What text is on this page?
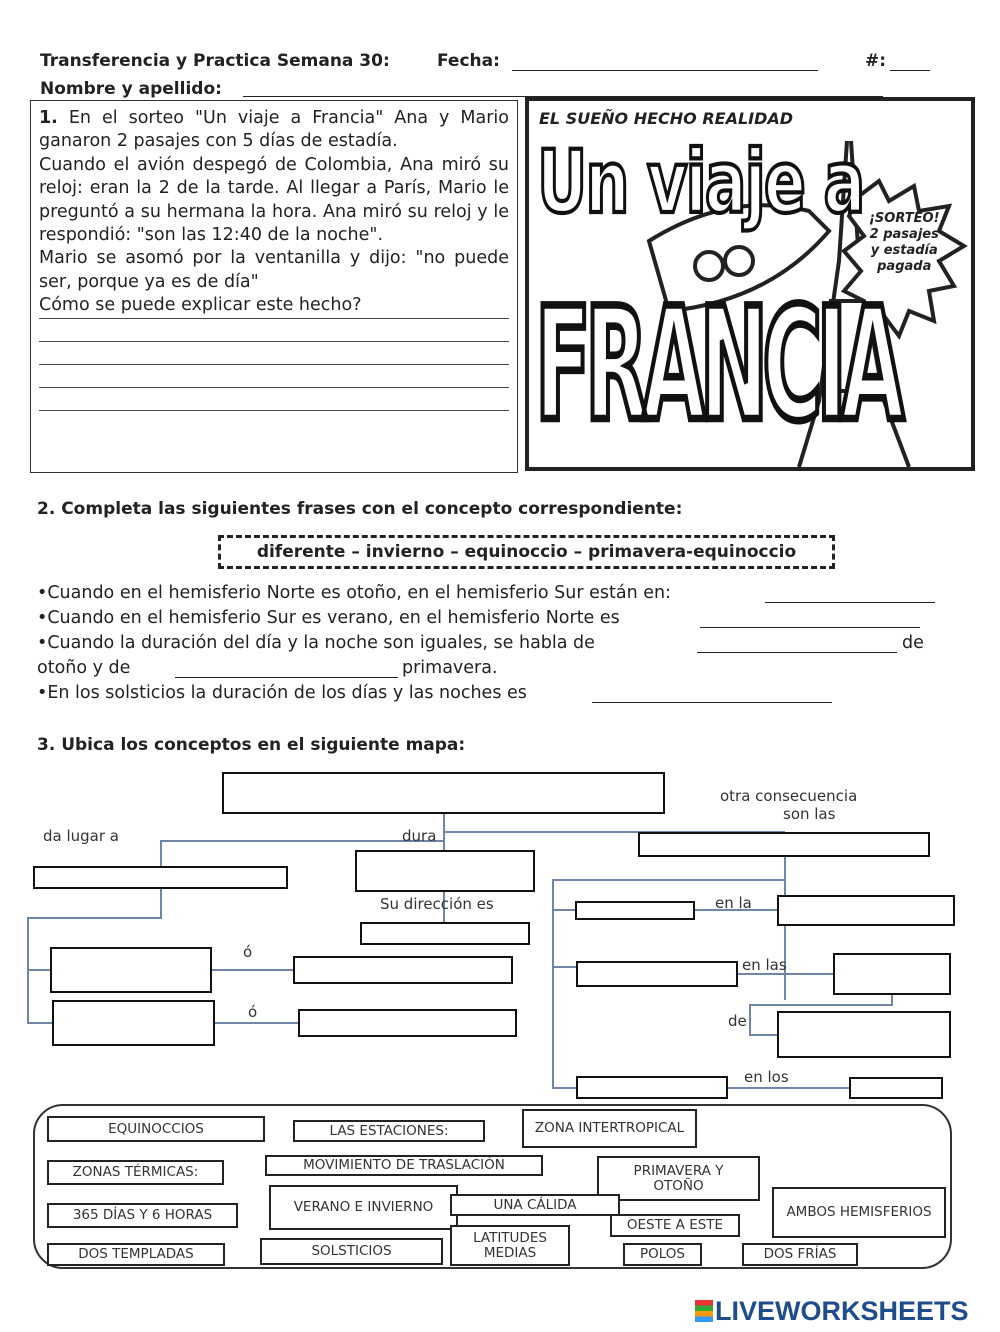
Transferencia y Practica Semana 30:	Fecha:	#:
Nombre y apellido:

1. En el sorteo "Un viaje a Francia" Ana y Mario ganaron 2 pasajes con 5 días de estadía.

Cuando el avión despegó de Colombia, Ana miró su reloj: eran la 2 de la tarde. Al llegar a París, Mario le preguntó a su hermana la hora. Ana miró su reloj y le respondió: "son las 12:40 de la noche".

Mario se asomó por la ventanilla y dijo: "no puede ser, porque ya es de día"

Cómo se puede explicar este hecho?

EL SUEÑO HECHO REALIDAD
Un viaje a
FRANCIA
¡SORTEO!
2 pasajes
y estadía
pagada
2. Completa las siguientes frases con el concepto correspondiente:
diferente – invierno – equinoccio – primavera-equinoccio
•Cuando en el hemisferio Norte es otoño, en el hemisferio Sur están en:
•Cuando en el hemisferio Sur es verano, en el hemisferio Norte es
•Cuando la duración del día y la noche son iguales, se habla de	de
otoño y de	primavera.
•En los solsticios la duración de los días y las noches es
3. Ubica los conceptos en el siguiente mapa:
otra consecuencia
son las
da lugar a	dura
Su dirección es	en la
ó
en las
ó	de
en los
EQUINOCCIOS	LAS ESTACIONES:	ZONA INTERTROPICAL
ZONAS TÉRMICAS:	MOVIMIENTO DE TRASLACIÓN	PRIMAVERA Y OTOÑO
VERANO E INVIERNO	UNA CÁLIDA	AMBOS HEMISFERIOS
365 DÍAS Y 6 HORAS
OESTE A ESTE
LATITUDES MEDIAS
SOLSTICIOS
DOS TEMPLADAS	POLOS	DOS FRÍAS
LIVEWORKSHEETS
